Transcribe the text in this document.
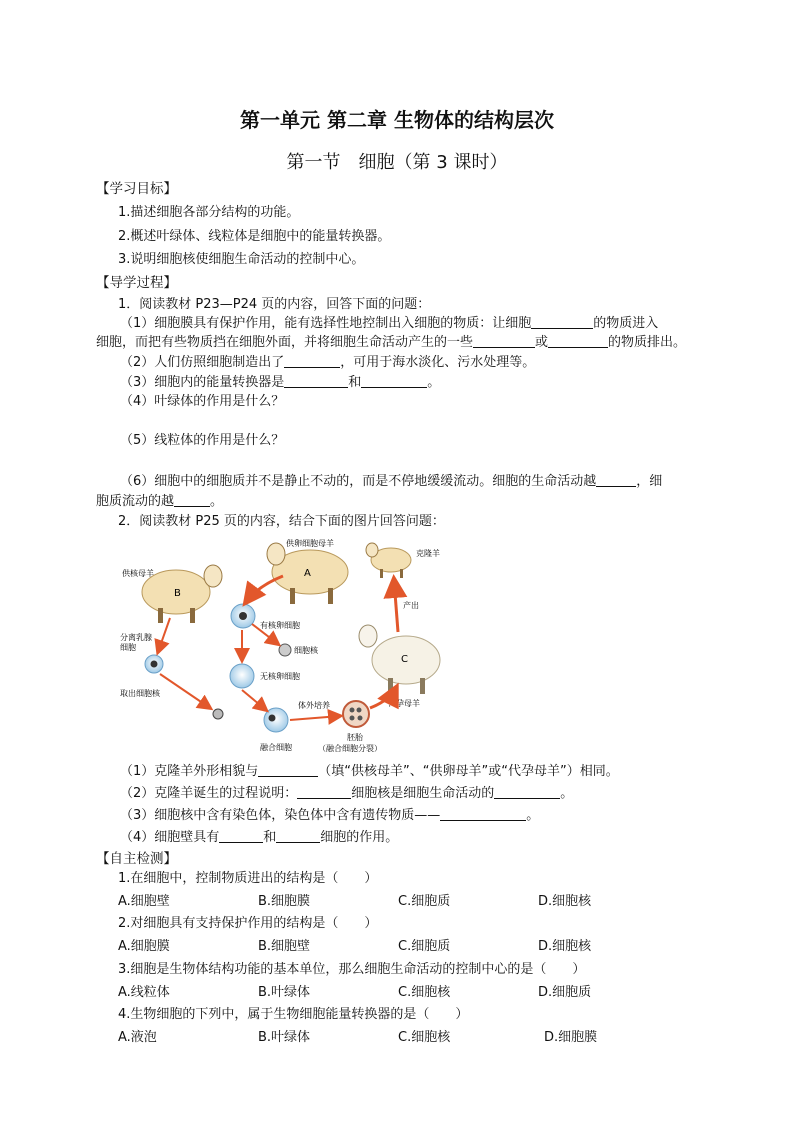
第一单元 第二章 生物体的结构层次
第一节　细胞（第 3 课时）
【学习目标】
1.描述细胞各部分结构的功能。
2.概述叶绿体、线粒体是细胞中的能量转换器。
3.说明细胞核使细胞生命活动的控制中心。
【导学过程】
1．阅读教材 P23—P24 页的内容，回答下面的问题：
（1）细胞膜具有保护作用，能有选择性地控制出入细胞的物质：让细胞	的物质进入
细胞，而把有些物质挡在细胞外面，并将细胞生命活动产生的一些	或	的物质排出。
（2）人们仿照细胞制造出了	，可用于海水淡化、污水处理等。
（3）细胞内的能量转换器是	和	。
（4）叶绿体的作用是什么？
（5）线粒体的作用是什么？
（6）细胞中的细胞质并不是静止不动的，而是不停地缓缓流动。细胞的生命活动越	，细
胞质流动的越	。
2．阅读教材 P25 页的内容，结合下面的图片回答问题：
供卵细胞母羊
A
克隆羊
供核母羊
B
C
代孕母羊
有核卵细胞
细胞核
无核卵细胞
分离乳腺
细胞
取出细胞核
融合细胞
体外培养
胚胎
（融合细胞分裂）
产出
（1）克隆羊外形相貌与	（填“供核母羊”、“供卵母羊”或“代孕母羊”）相同。
（2）克隆羊诞生的过程说明：	细胞核是细胞生命活动的	。
（3）细胞核中含有染色体，染色体中含有遗传物质——	。
（4）细胞壁具有	和	细胞的作用。
【自主检测】
1.在细胞中，控制物质进出的结构是（　　）
A.细胞壁	B.细胞膜	C.细胞质	D.细胞核
2.对细胞具有支持保护作用的结构是（　　）
A.细胞膜	B.细胞壁	C.细胞质	D.细胞核
3.细胞是生物体结构功能的基本单位，那么细胞生命活动的控制中心的是（　　）
A.线粒体	B.叶绿体	C.细胞核	D.细胞质
4.生物细胞的下列中，属于生物细胞能量转换器的是（　　）
A.液泡	B.叶绿体	C.细胞核	D.细胞膜
